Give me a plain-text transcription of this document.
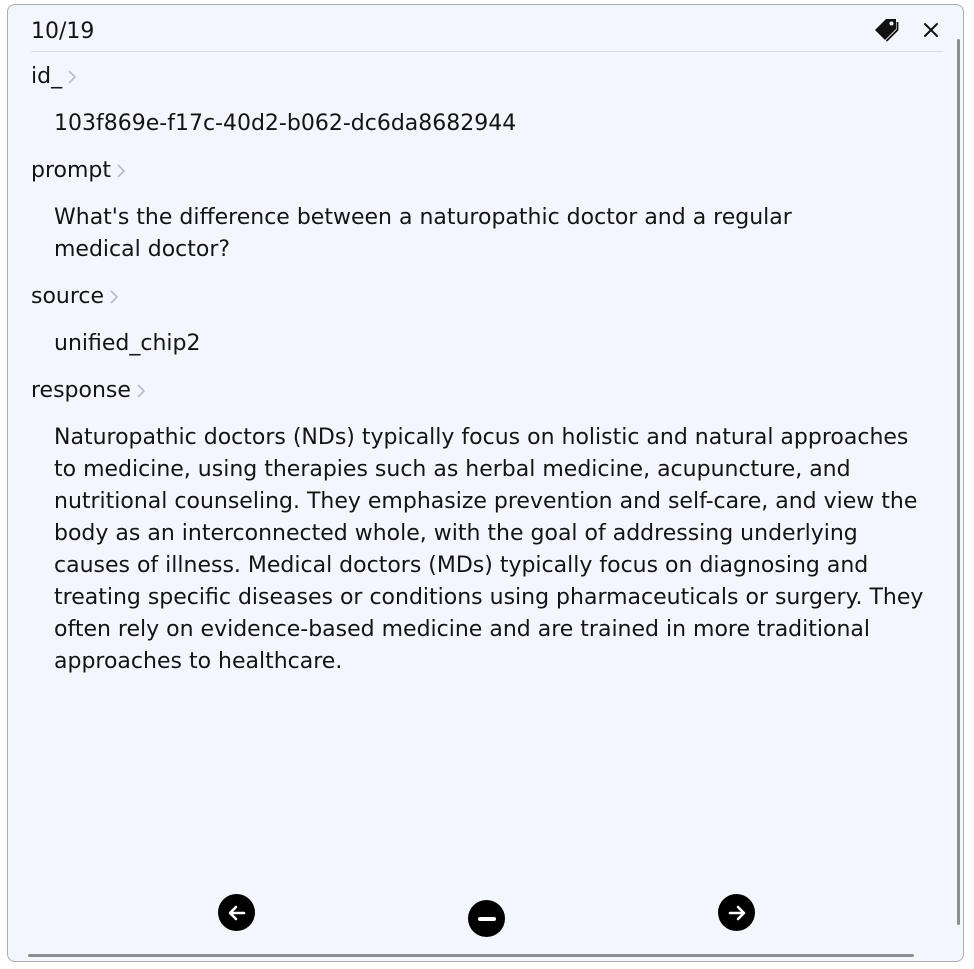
10/19
id_
103f869e-f17c-40d2-b062-dc6da8682944
prompt
What's the difference between a naturopathic doctor and a regular medical doctor?
source
unified_chip2
response
Naturopathic doctors (NDs) typically focus on holistic and natural approaches to medicine, using therapies such as herbal medicine, acupuncture, and nutritional counseling. They emphasize prevention and self-care, and view the body as an interconnected whole, with the goal of addressing underlying causes of illness. Medical doctors (MDs) typically focus on diagnosing and treating specific diseases or conditions using pharmaceuticals or surgery. They often rely on evidence-based medicine and are trained in more traditional approaches to healthcare.
